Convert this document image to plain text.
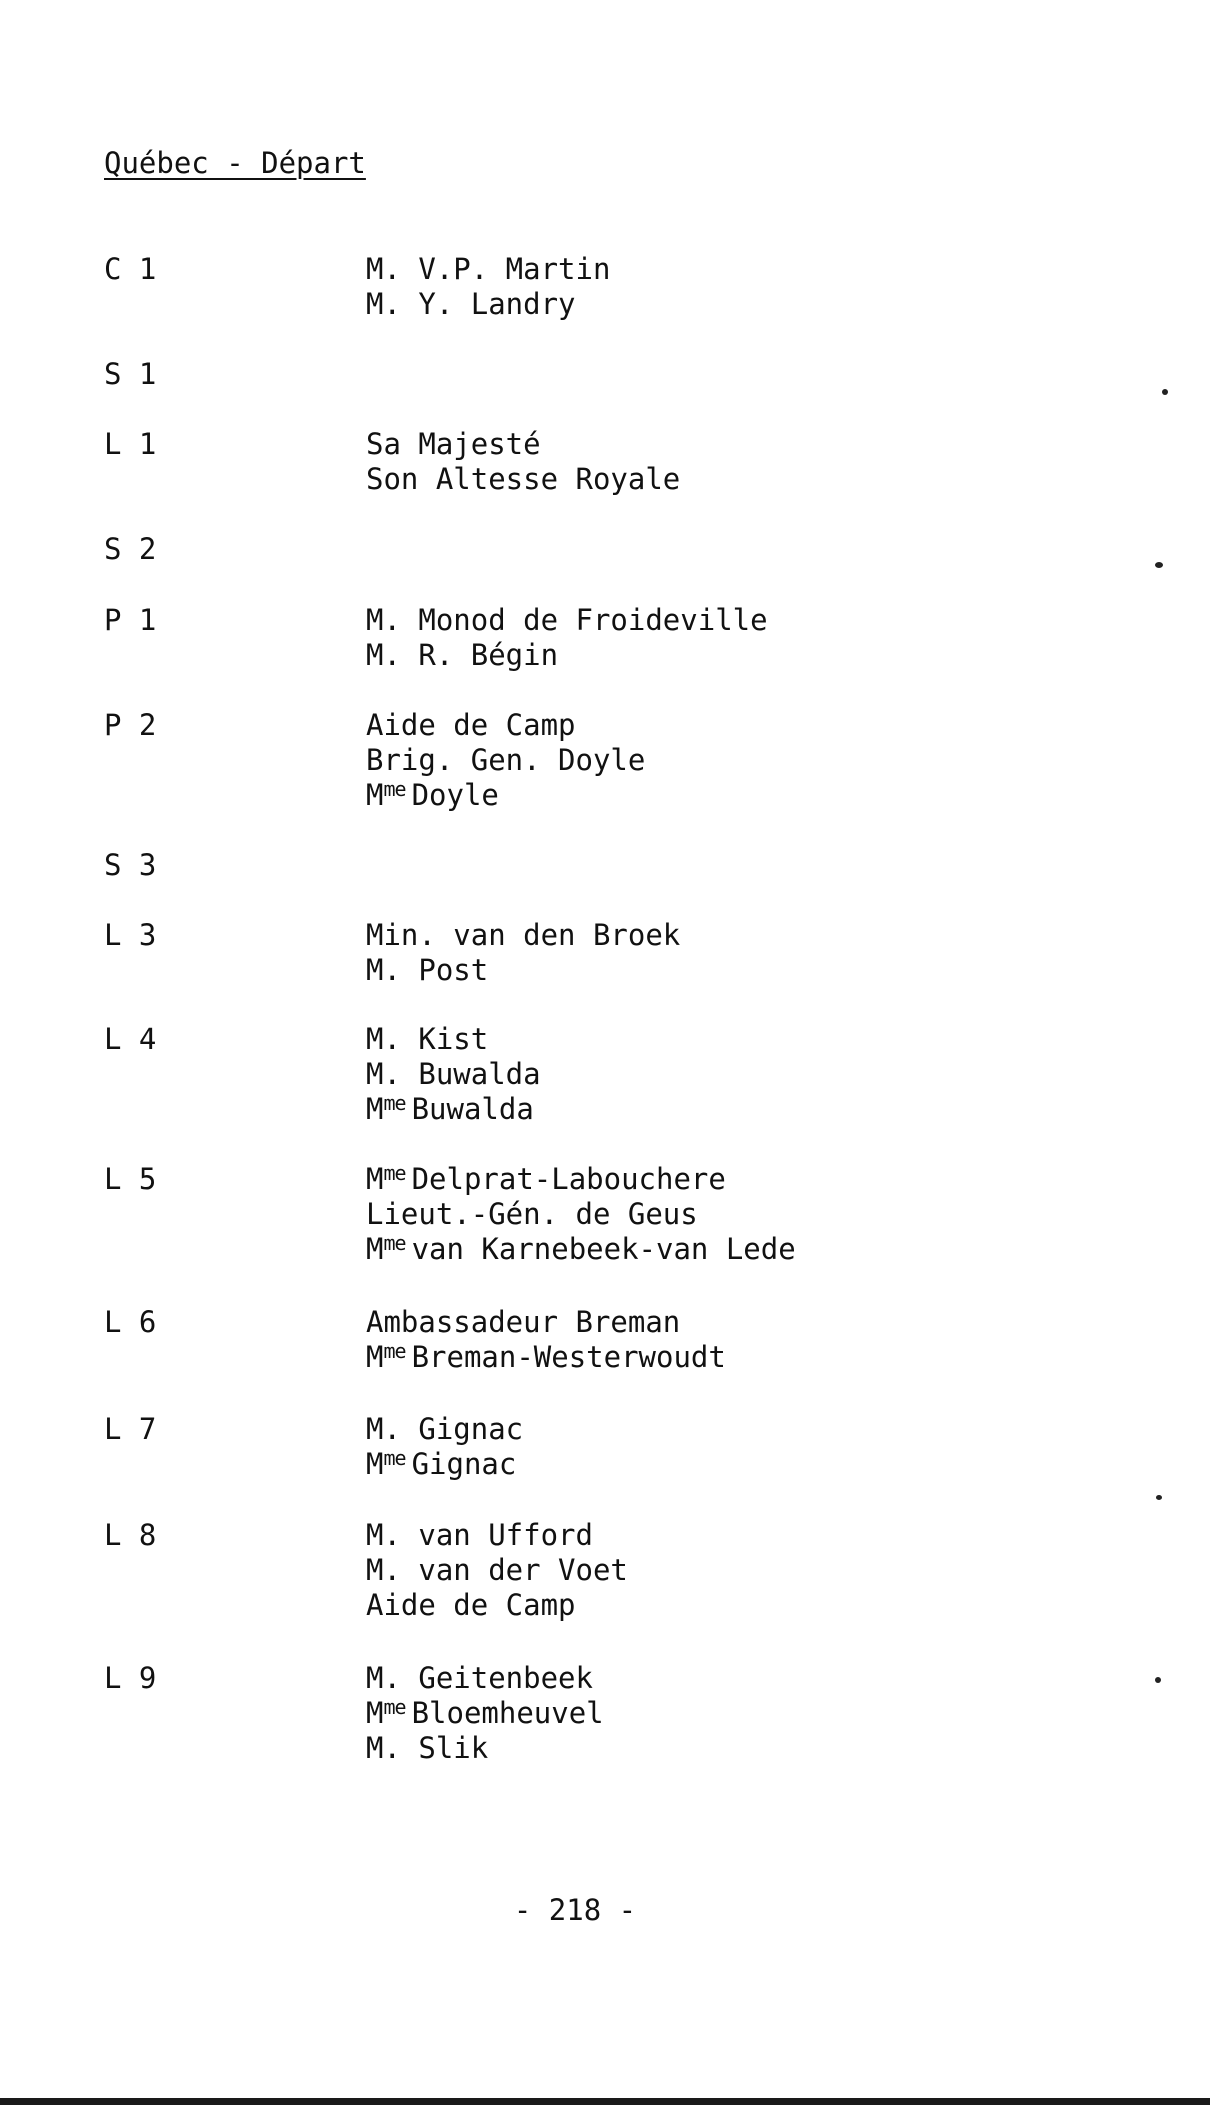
Québec - Départ
C 1	M. V.P. Martin
M. Y. Landry
S 1
L 1	Sa Majesté
Son Altesse Royale
S 2
P 1	M. Monod de Froideville
M. R. Bégin
P 2	Aide de Camp
Brig. Gen. Doyle
$M^{me}$ Doyle
S 3
L 3	Min. van den Broek
M. Post
L 4	M. Kist
M. Buwalda
$M^{me}$ Buwalda
L 5	$M^{me}$ Delprat-Labouchere
Lieut.-Gén. de Geus
$M^{me}$ van Karnebeek-van Lede
L 6	Ambassadeur Breman
$M^{me}$ Breman-Westerwoudt
L 7	M. Gignac
$M^{me}$ Gignac
L 8	M. van Ufford
M. van der Voet
Aide de Camp
L 9	M. Geitenbeek
$M^{me}$ Bloemheuvel
M. Slik
- 218 -
